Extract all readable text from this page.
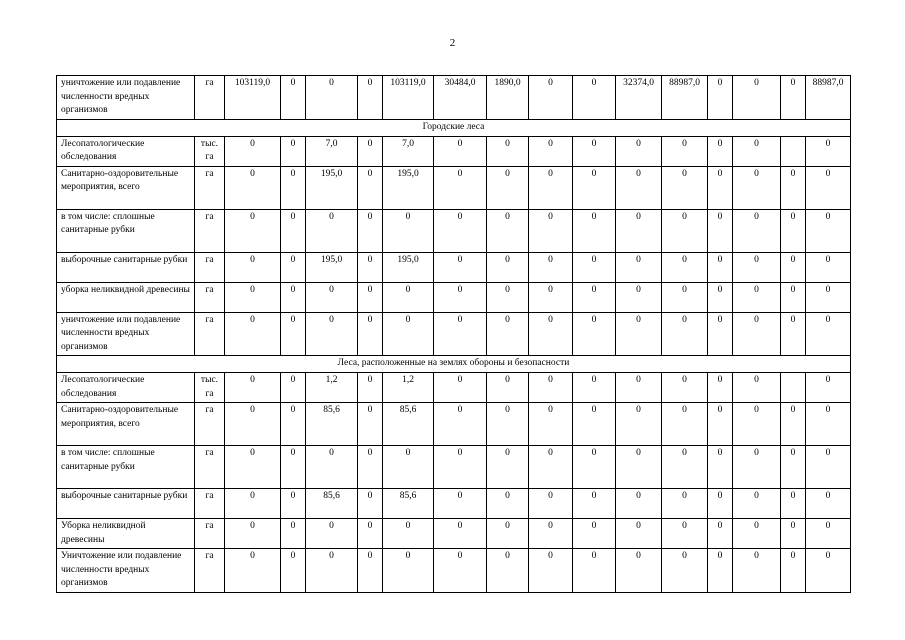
2
уничтожение или подавление численности вредных организмов	га	103119,0	0	0	0	103119,0	30484,0	1890,0	0	0	32374,0	88987,0	0	0	0	88987,0
Городские леса																
Лесопатологические обследования	тыс. га	0	0	7,0	0	7,0	0	0	0	0	0	0	0	0		0
Санитарно-оздоровительные мероприятия, всего	га	0	0	195,0	0	195,0	0	0	0	0	0	0	0	0	0	0
в том числе: сплошные санитарные рубки	га	0	0	0	0	0	0	0	0	0	0	0	0	0	0	0
выборочные санитарные рубки	га	0	0	195,0	0	195,0	0	0	0	0	0	0	0	0	0	0
уборка неликвидной древесины	га	0	0	0	0	0	0	0	0	0	0	0	0	0	0	0
уничтожение или подавление численности вредных организмов	га	0	0	0	0	0	0	0	0	0	0	0	0	0	0	0
Леса, расположенные на землях обороны и безопасности																
Лесопатологические обследования	тыс. га	0	0	1,2	0	1,2	0	0	0	0	0	0	0	0		0
Санитарно-оздоровительные мероприятия, всего	га	0	0	85,6	0	85,6	0	0	0	0	0	0	0	0	0	0
в том числе: сплошные санитарные рубки	га	0	0	0	0	0	0	0	0	0	0	0	0	0	0	0
выборочные санитарные рубки	га	0	0	85,6	0	85,6	0	0	0	0	0	0	0	0	0	0
Уборка неликвидной древесины	га	0	0	0	0	0	0	0	0	0	0	0	0	0	0	0
Уничтожение или подавление численности вредных организмов	га	0	0	0	0	0	0	0	0	0	0	0	0	0	0	0
